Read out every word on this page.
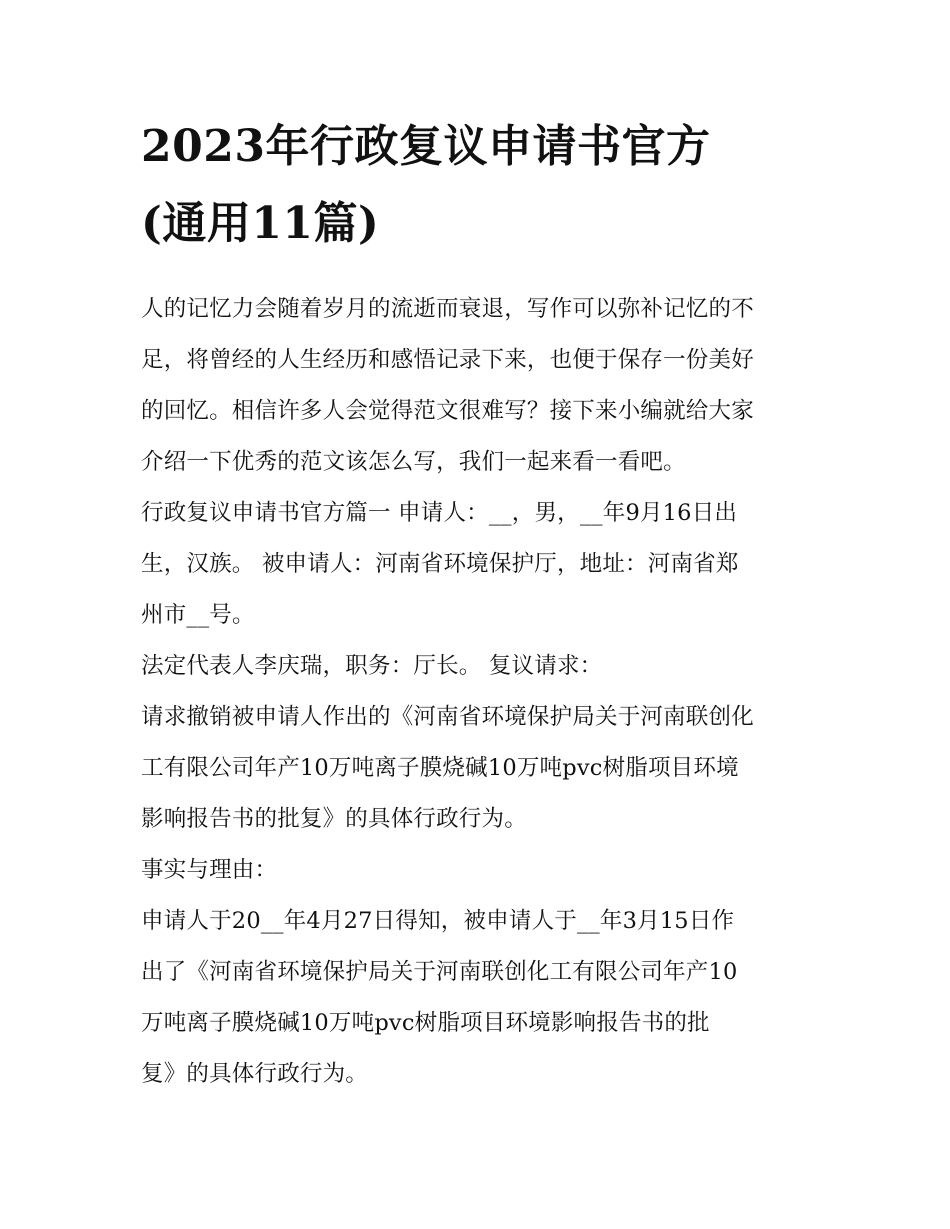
2023年行政复议申请书官方
(通用11篇)

人的记忆力会随着岁月的流逝而衰退，写作可以弥补记忆的不
足，将曾经的人生经历和感悟记录下来，也便于保存一份美好
的回忆。相信许多人会觉得范文很难写？接下来小编就给大家
介绍一下优秀的范文该怎么写，我们一起来看一看吧。

行政复议申请书官方篇一 申请人：__，男，__年9月16日出
生，汉族。 被申请人：河南省环境保护厅，地址：河南省郑
州市__号。

法定代表人李庆瑞，职务：厅长。 复议请求：

请求撤销被申请人作出的《河南省环境保护局关于河南联创化
工有限公司年产10万吨离子膜烧碱10万吨pvc树脂项目环境
影响报告书的批复》的具体行政行为。

事实与理由：

申请人于20__年4月27日得知，被申请人于__年3月15日作
出了《河南省环境保护局关于河南联创化工有限公司年产10
万吨离子膜烧碱10万吨pvc树脂项目环境影响报告书的批
复》的具体行政行为。
